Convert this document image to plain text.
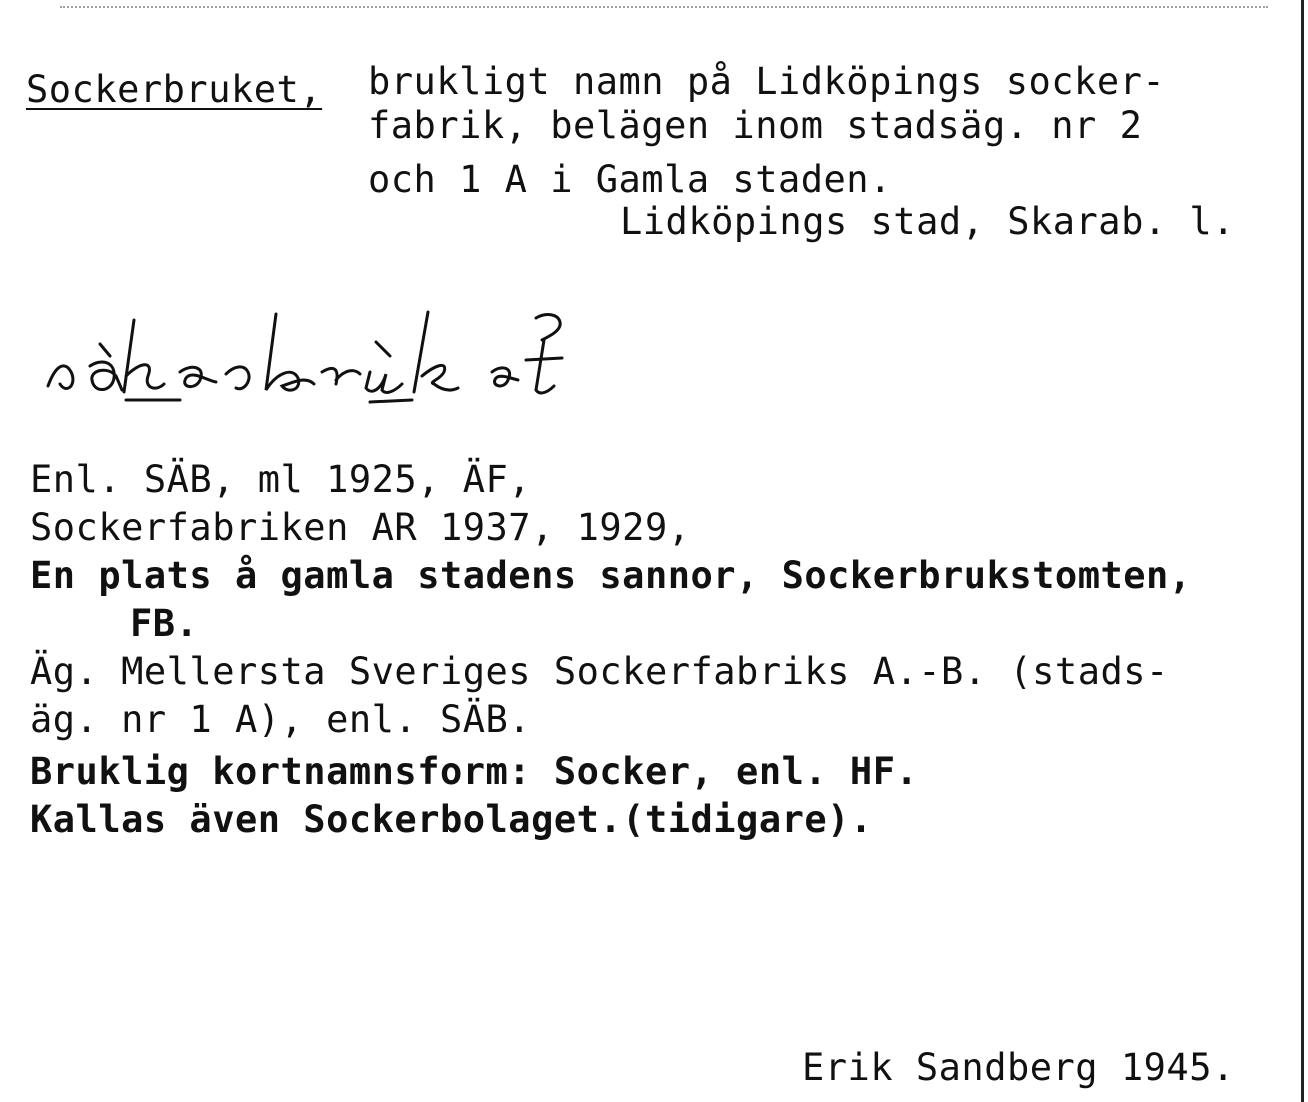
Sockerbruket, brukligt namn på Lidköpings socker-
fabrik, belägen inom stadsäg. nr 2
och 1 A i Gamla staden.
Lidköpings stad, Skarab. l.
Enl. SÄB, ml 1925, ÄF,
Sockerfabriken AR 1937, 1929,
En plats å gamla stadens sannor, Sockerbrukstomten,
FB.
Äg. Mellersta Sveriges Sockerfabriks A.-B. (stads-
äg. nr 1 A), enl. SÄB.
Bruklig kortnamnsform: Socker, enl. HF.
Kallas även Sockerbolaget.(tidigare).
Erik Sandberg 1945.
